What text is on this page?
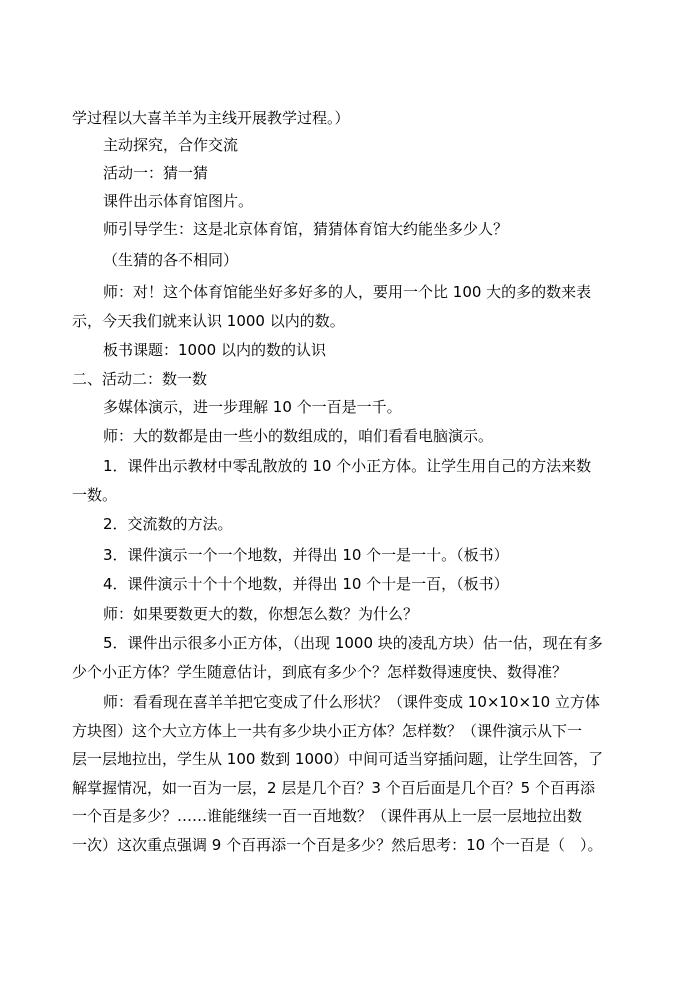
学过程以大喜羊羊为主线开展教学过程。）
主动探究，合作交流
活动一：猜一猜
课件出示体育馆图片。
师引导学生：这是北京体育馆，猜猜体育馆大约能坐多少人？
（生猜的各不相同）
师：对！这个体育馆能坐好多好多的人，要用一个比 100 大的多的数来表
示，今天我们就来认识 1000 以内的数。
板书课题：1000 以内的数的认识
二、活动二：数一数
多媒体演示，进一步理解 10 个一百是一千。
师：大的数都是由一些小的数组成的，咱们看看电脑演示。
1．课件出示教材中零乱散放的 10 个小正方体。让学生用自己的方法来数
一数。
2．交流数的方法。
3．课件演示一个一个地数，并得出 10 个一是一十。（板书）
4．课件演示十个十个地数，并得出 10 个十是一百，（板书）
师：如果要数更大的数，你想怎么数？为什么？
5．课件出示很多小正方体，（出现 1000 块的凌乱方块）估一估，现在有多
少个小正方体？学生随意估计，到底有多少个？怎样数得速度快、数得准？
师：看看现在喜羊羊把它变成了什么形状？（课件变成 10×10×10 立方体
方块图）这个大立方体上一共有多少块小正方体？怎样数？（课件演示从下一
层一层地拉出，学生从 100 数到 1000）中间可适当穿插问题，让学生回答，了
解掌握情况，如一百为一层，2 层是几个百？3 个百后面是几个百？5 个百再添
一个百是多少？……谁能继续一百一百地数？（课件再从上一层一层地拉出数
一次）这次重点强调 9 个百再添一个百是多少？然后思考：10 个一百是（　）。
